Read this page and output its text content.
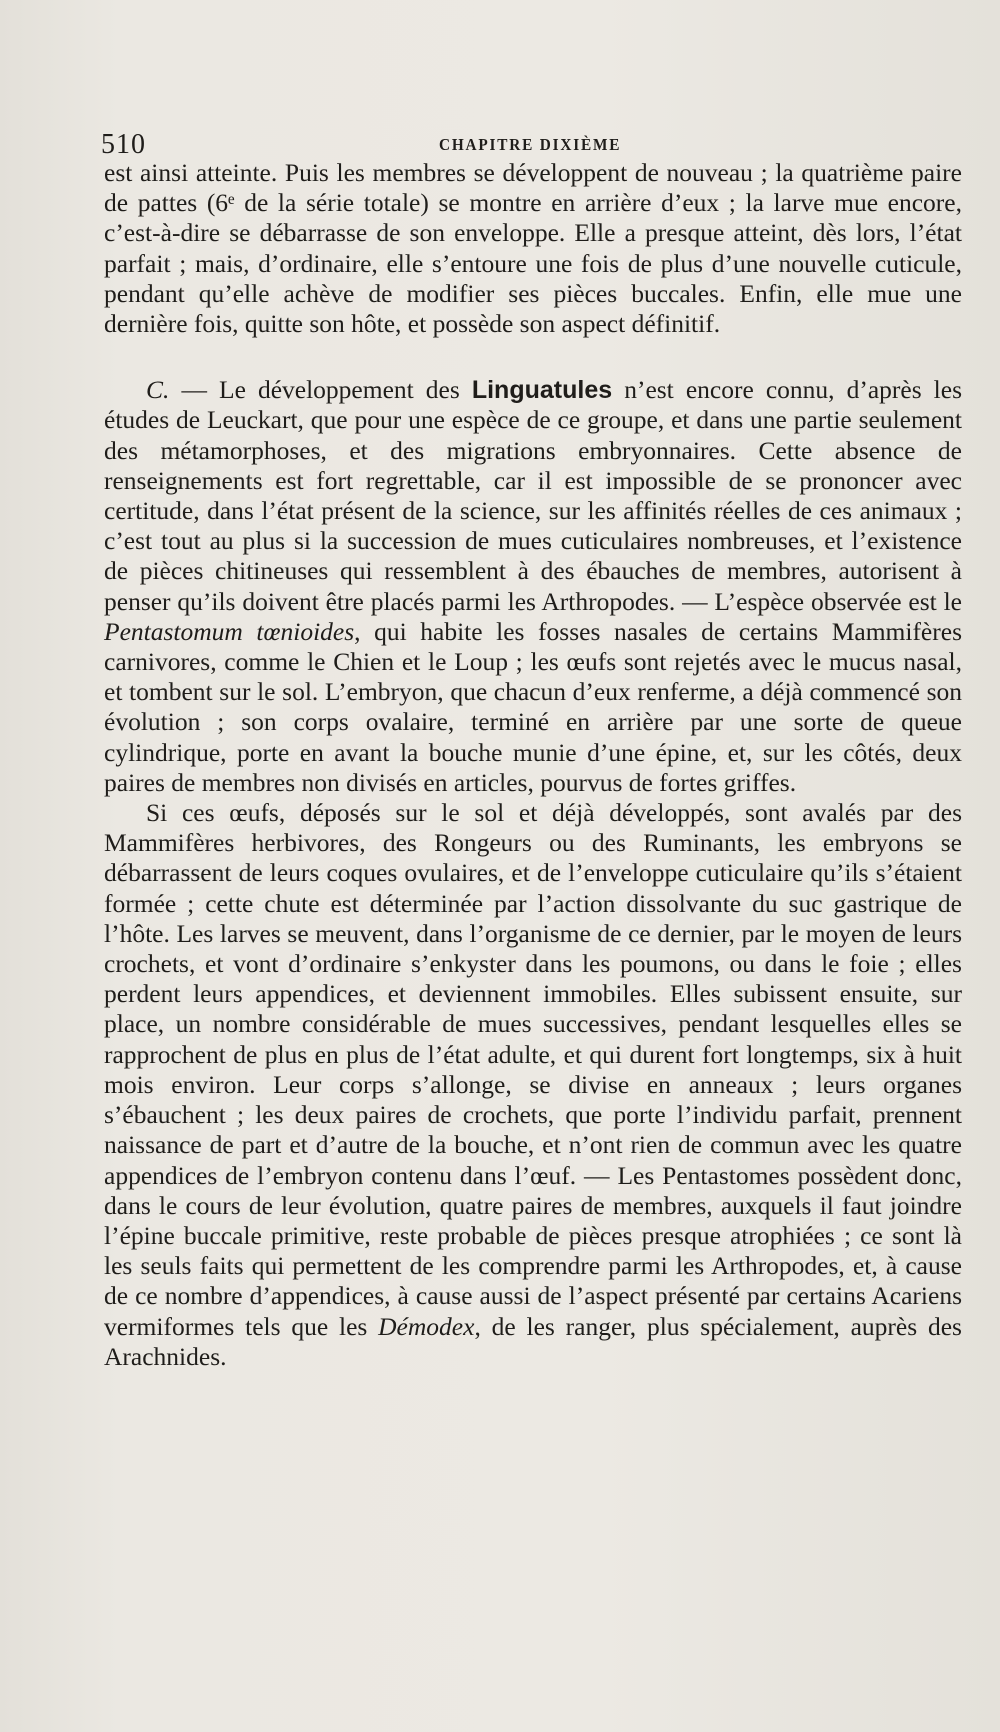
510	CHAPITRE DIXIÈME

est ainsi atteinte. Puis les membres se développent de nouveau ; la quatrième paire de pattes (6ᵉ de la série totale) se montre en arrière d’eux ; la larve mue encore, c’est-à-dire se débarrasse de son enveloppe. Elle a presque atteint, dès lors, l’état parfait ; mais, d’ordinaire, elle s’entoure une fois de plus d’une nouvelle cuticule, pendant qu’elle achève de modifier ses pièces buccales. Enfin, elle mue une dernière fois, quitte son hôte, et possède son aspect définitif.

C. — Le développement des Linguatules n’est encore connu, d’après les études de Leuckart, que pour une espèce de ce groupe, et dans une partie seulement des métamorphoses, et des migrations embryonnaires. Cette absence de renseignements est fort regrettable, car il est impossible de se prononcer avec certitude, dans l’état présent de la science, sur les affinités réelles de ces animaux ; c’est tout au plus si la succession de mues cuticulaires nombreuses, et l’existence de pièces chitineuses qui ressemblent à des ébauches de membres, autorisent à penser qu’ils doivent être placés parmi les Arthropodes. — L’espèce observée est le Pentastomum tœnioides, qui habite les fosses nasales de certains Mammifères carnivores, comme le Chien et le Loup ; les œufs sont rejetés avec le mucus nasal, et tombent sur le sol. L’embryon, que chacun d’eux renferme, a déjà commencé son évolution ; son corps ovalaire, terminé en arrière par une sorte de queue cylindrique, porte en avant la bouche munie d’une épine, et, sur les côtés, deux paires de membres non divisés en articles, pourvus de fortes griffes.

Si ces œufs, déposés sur le sol et déjà développés, sont avalés par des Mammifères herbivores, des Rongeurs ou des Ruminants, les embryons se débarrassent de leurs coques ovulaires, et de l’enveloppe cuticulaire qu’ils s’étaient formée ; cette chute est déterminée par l’action dissolvante du suc gastrique de l’hôte. Les larves se meuvent, dans l’organisme de ce dernier, par le moyen de leurs crochets, et vont d’ordinaire s’enkyster dans les poumons, ou dans le foie ; elles perdent leurs appendices, et deviennent immobiles. Elles subissent ensuite, sur place, un nombre considérable de mues successives, pendant lesquelles elles se rapprochent de plus en plus de l’état adulte, et qui durent fort longtemps, six à huit mois environ. Leur corps s’allonge, se divise en anneaux ; leurs organes s’ébauchent ; les deux paires de crochets, que porte l’individu parfait, prennent naissance de part et d’autre de la bouche, et n’ont rien de commun avec les quatre appendices de l’embryon contenu dans l’œuf. — Les Pentastomes possèdent donc, dans le cours de leur évolution, quatre paires de membres, auxquels il faut joindre l’épine buccale primitive, reste probable de pièces presque atrophiées ; ce sont là les seuls faits qui permettent de les comprendre parmi les Arthropodes, et, à cause de ce nombre d’appendices, à cause aussi de l’aspect présenté par certains Acariens vermiformes tels que les Démodex, de les ranger, plus spécialement, auprès des Arachnides.
